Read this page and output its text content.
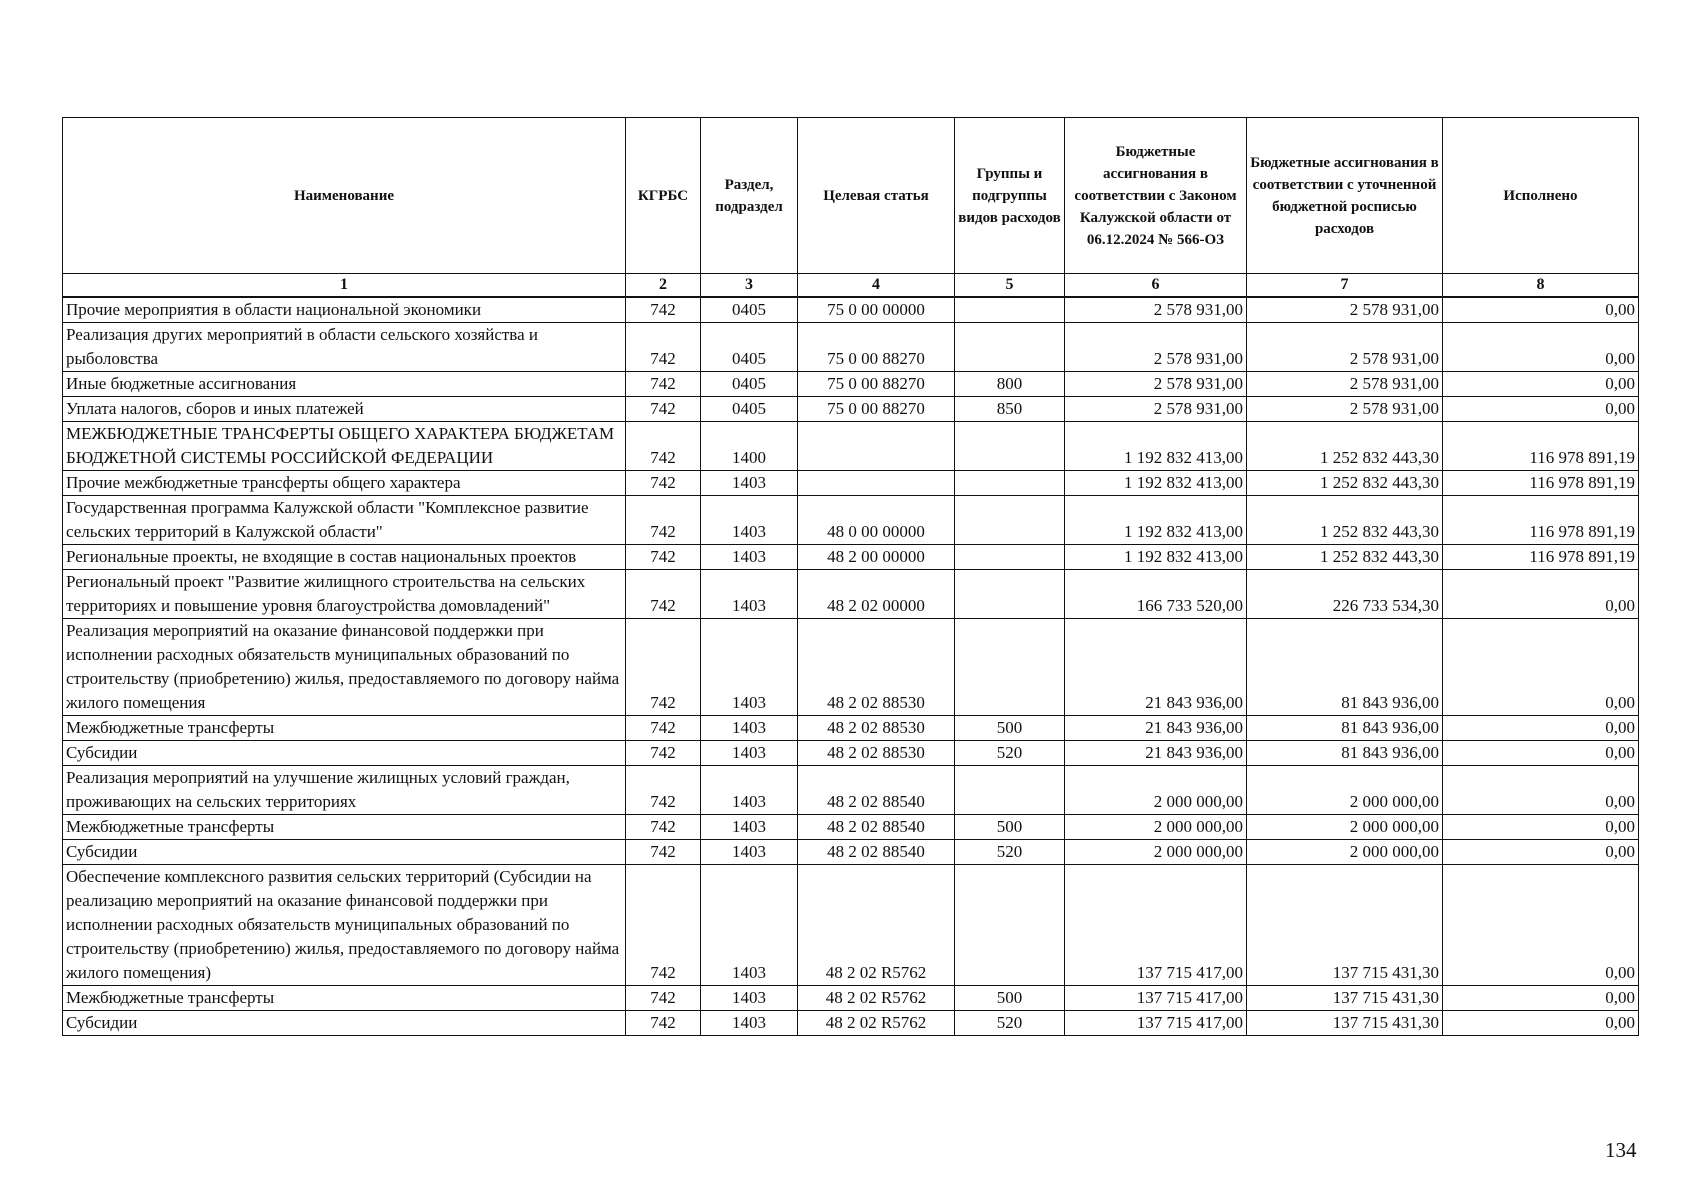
Наименование	КГРБС	Раздел, подраздел	Целевая статья	Группы и подгруппы видов расходов	Бюджетные ассигнования в соответствии с Законом Калужской области от 06.12.2024 № 566-ОЗ	Бюджетные ассигнования в соответствии с уточненной бюджетной росписью расходов	Исполнено
1	2	3	4	5	6	7	8
Прочие мероприятия в области национальной экономики	742	0405	75 0 00 00000		2 578 931,00	2 578 931,00	0,00
Реализация других мероприятий в области сельского хозяйства и рыболовства	742	0405	75 0 00 88270		2 578 931,00	2 578 931,00	0,00
Иные бюджетные ассигнования	742	0405	75 0 00 88270	800	2 578 931,00	2 578 931,00	0,00
Уплата налогов, сборов и иных платежей	742	0405	75 0 00 88270	850	2 578 931,00	2 578 931,00	0,00
МЕЖБЮДЖЕТНЫЕ ТРАНСФЕРТЫ ОБЩЕГО ХАРАКТЕРА БЮДЖЕТАМ БЮДЖЕТНОЙ СИСТЕМЫ РОССИЙСКОЙ ФЕДЕРАЦИИ	742	1400			1 192 832 413,00	1 252 832 443,30	116 978 891,19
Прочие межбюджетные трансферты общего характера	742	1403			1 192 832 413,00	1 252 832 443,30	116 978 891,19
Государственная программа Калужской области "Комплексное развитие сельских территорий в Калужской области"	742	1403	48 0 00 00000		1 192 832 413,00	1 252 832 443,30	116 978 891,19
Региональные проекты, не входящие в состав национальных проектов	742	1403	48 2 00 00000		1 192 832 413,00	1 252 832 443,30	116 978 891,19
Региональный проект "Развитие жилищного строительства на сельских территориях и повышение уровня благоустройства домовладений"	742	1403	48 2 02 00000		166 733 520,00	226 733 534,30	0,00
Реализация мероприятий на оказание финансовой поддержки при исполнении расходных обязательств муниципальных образований по строительству (приобретению) жилья, предоставляемого по договору найма жилого помещения	742	1403	48 2 02 88530		21 843 936,00	81 843 936,00	0,00
Межбюджетные трансферты	742	1403	48 2 02 88530	500	21 843 936,00	81 843 936,00	0,00
Субсидии	742	1403	48 2 02 88530	520	21 843 936,00	81 843 936,00	0,00
Реализация мероприятий на улучшение жилищных условий граждан, проживающих на сельских территориях	742	1403	48 2 02 88540		2 000 000,00	2 000 000,00	0,00
Межбюджетные трансферты	742	1403	48 2 02 88540	500	2 000 000,00	2 000 000,00	0,00
Субсидии	742	1403	48 2 02 88540	520	2 000 000,00	2 000 000,00	0,00
Обеспечение комплексного развития сельских территорий (Субсидии на реализацию мероприятий на оказание финансовой поддержки при исполнении расходных обязательств муниципальных образований по строительству (приобретению) жилья, предоставляемого по договору найма жилого помещения)	742	1403	48 2 02 R5762		137 715 417,00	137 715 431,30	0,00
Межбюджетные трансферты	742	1403	48 2 02 R5762	500	137 715 417,00	137 715 431,30	0,00
Субсидии	742	1403	48 2 02 R5762	520	137 715 417,00	137 715 431,30	0,00
134
